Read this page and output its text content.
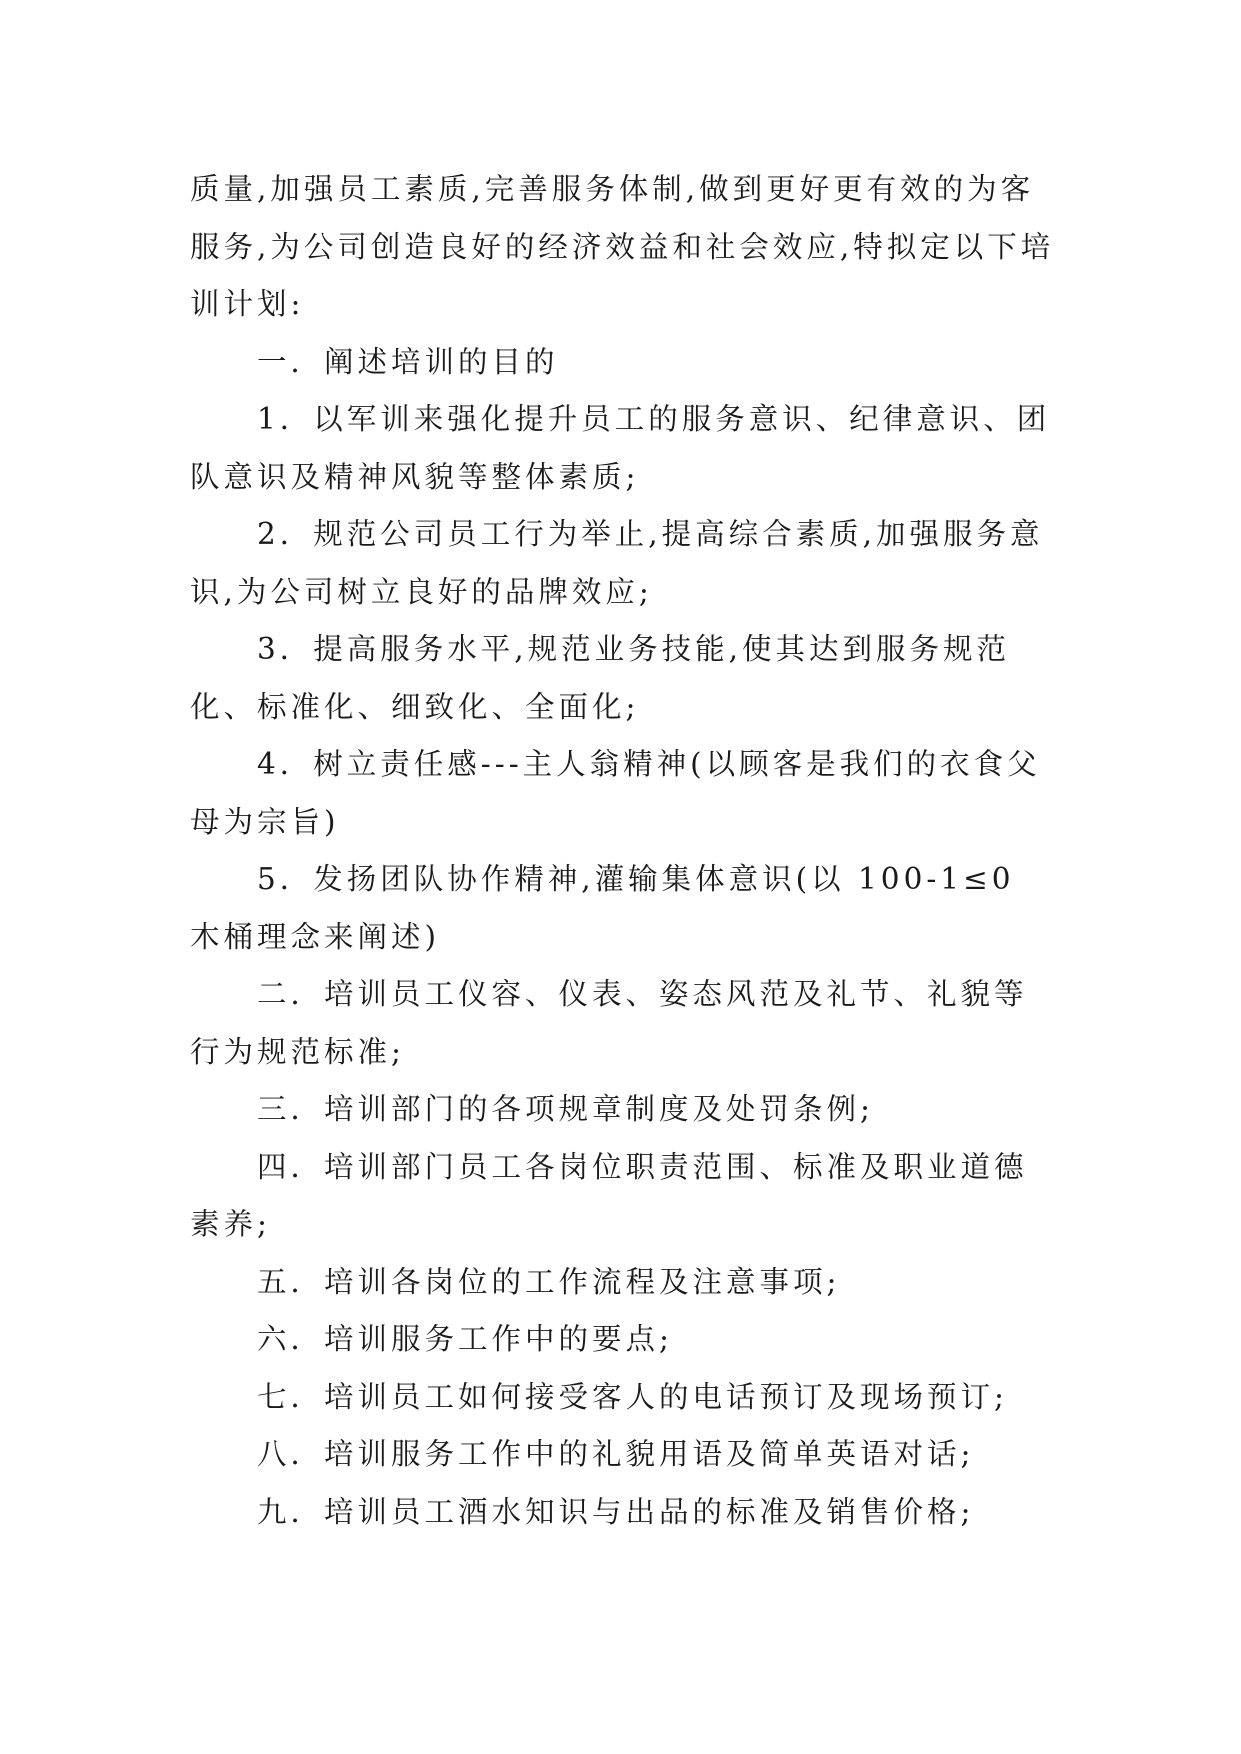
质量,加强员工素质,完善服务体制,做到更好更有效的为客服务,为公司创造良好的经济效益和社会效应,特拟定以下培训计划:

　　一．阐述培训的目的

　　1．以军训来强化提升员工的服务意识、纪律意识、团队意识及精神风貌等整体素质;

　　2．规范公司员工行为举止,提高综合素质,加强服务意识,为公司树立良好的品牌效应;

　　3．提高服务水平,规范业务技能,使其达到服务规范化、标准化、细致化、全面化;

　　4．树立责任感---主人翁精神(以顾客是我们的衣食父母为宗旨)

　　5．发扬团队协作精神,灌输集体意识(以 100-1≤0 木桶理念来阐述)

　　二．培训员工仪容、仪表、姿态风范及礼节、礼貌等行为规范标准;

　　三．培训部门的各项规章制度及处罚条例;

　　四．培训部门员工各岗位职责范围、标准及职业道德素养;

　　五．培训各岗位的工作流程及注意事项;

　　六．培训服务工作中的要点;

　　七．培训员工如何接受客人的电话预订及现场预订;

　　八．培训服务工作中的礼貌用语及简单英语对话;

　　九．培训员工酒水知识与出品的标准及销售价格;
